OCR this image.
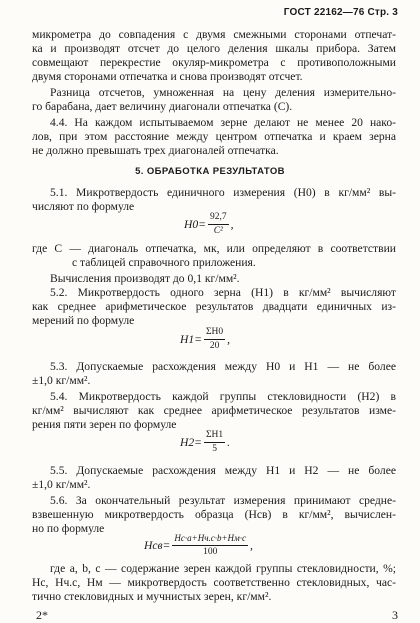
ГОСТ 22162—76 Стр. 3
микрометра до совпадения с двумя смежными сторонами отпечат-
ка и производят отсчет до целого деления шкалы прибора. Затем
совмещают перекрестие окуляр-микрометра с противоположными
двумя сторонами отпечатка и снова производят отсчет.
Разница отсчетов, умноженная на цену деления измерительно-
го барабана, дает величину диагонали отпечатка (C).
4.4. На каждом испытываемом зерне делают не менее 20 нако-
лов, при этом расстояние между центром отпечатка и краем зерна
не должно превышать трех диагоналей отпечатка.
5. ОБРАБОТКА РЕЗУЛЬТАТОВ
5.1. Микротвердость единичного измерения (H0) в кг/мм² вы-
числяют по формуле
$H0= \frac{92,7}{\text{C²}}$ ,
где C — диагональ отпечатка, мк, или определяют в соответствии
с таблицей справочного приложения.
Вычисления производят до 0,1 кг/мм².
5.2. Микротвердость одного зерна (H1) в кг/мм² вычисляют
как среднее арифметическое результатов двадцати единичных из-
мерений по формуле
$H1= \frac{\Sigma H0}{20}$ ,
5.3. Допускаемые расхождения между H0 и H1 — не более
±1,0 кг/мм².
5.4. Микротвердость каждой группы стекловидности (H2) в
кг/мм² вычисляют как среднее арифметическое результатов изме-
рения пяти зерен по формуле
$H2= \frac{\Sigma H1}{5}$ .
5.5. Допускаемые расхождения между H1 и H2 — не более
±1,0 кг/мм².
5.6. За окончательный результат измерения принимают средне-
взвешенную микротвердость образца (Hсв) в кг/мм², вычислен-
но по формуле
$Hсв= \frac{Hс\cdot a+Hч.с\cdot b+Hм\cdot c}{100}$ ,
где a, b, c — содержание зерен каждой группы стекловидности, %;
Hс, Hч.с, Hм — микротвердость соответственно стекловидных, час-
тично стекловидных и мучнистых зерен, кг/мм².
2*	3
